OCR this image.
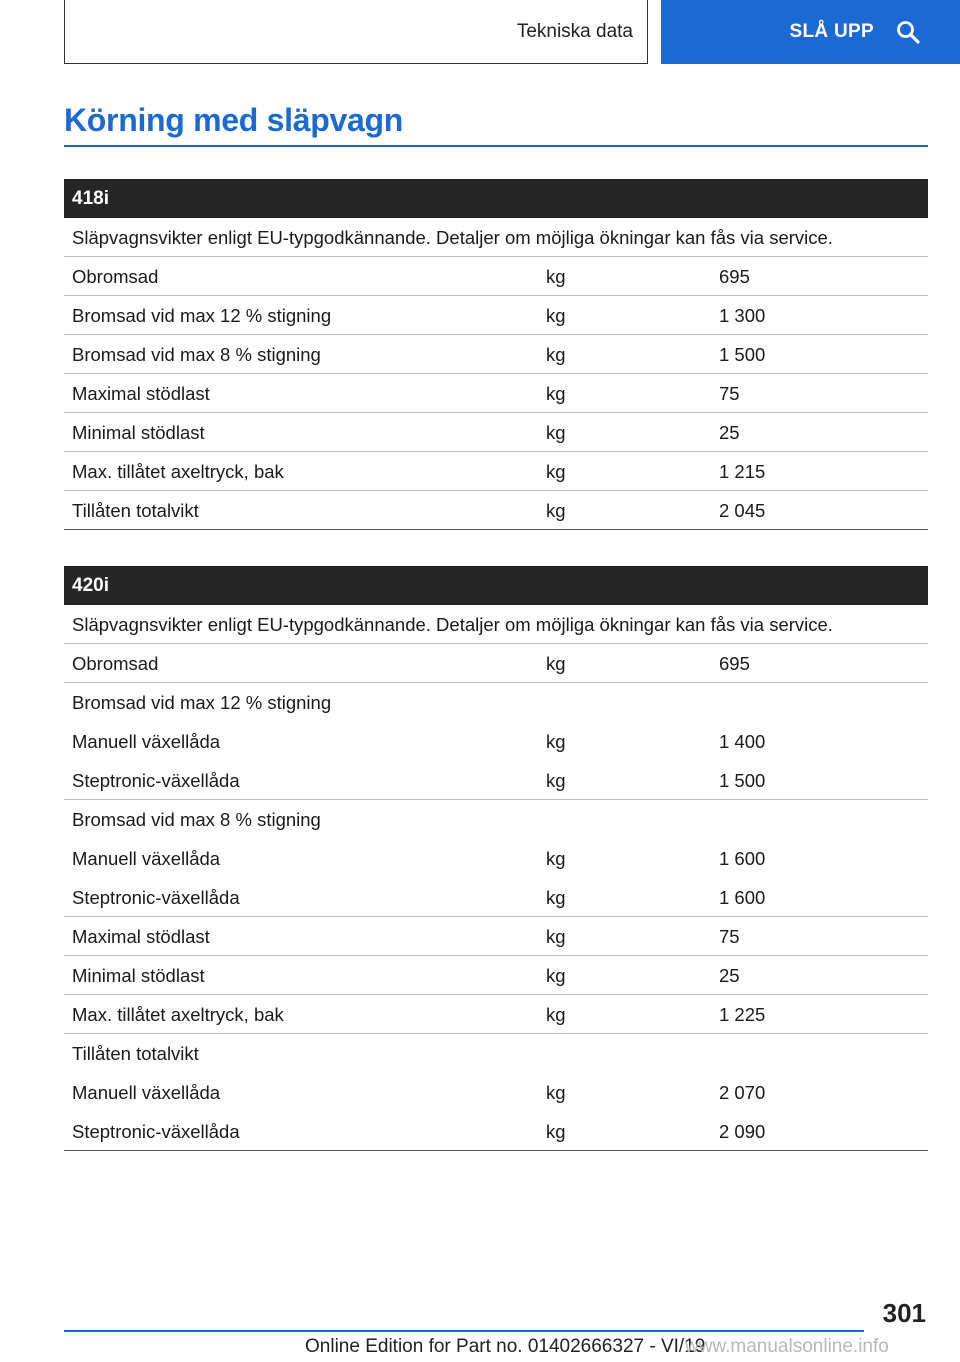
Tekniska data	SLÅ UPP
Körning med släpvagn
418i
Släpvagnsvikter enligt EU-typgodkännande. Detaljer om möjliga ökningar kan fås via service.
Obromsad	kg	695
Bromsad vid max 12 % stigning	kg	1 300
Bromsad vid max 8 % stigning	kg	1 500
Maximal stödlast	kg	75
Minimal stödlast	kg	25
Max. tillåtet axeltryck, bak	kg	1 215
Tillåten totalvikt	kg	2 045
420i
Släpvagnsvikter enligt EU-typgodkännande. Detaljer om möjliga ökningar kan fås via service.
Obromsad	kg	695
Bromsad vid max 12 % stigning
Manuell växellåda	kg	1 400
Steptronic-växellåda	kg	1 500
Bromsad vid max 8 % stigning
Manuell växellåda	kg	1 600
Steptronic-växellåda	kg	1 600
Maximal stödlast	kg	75
Minimal stödlast	kg	25
Max. tillåtet axeltryck, bak	kg	1 225
Tillåten totalvikt
Manuell växellåda	kg	2 070
Steptronic-växellåda	kg	2 090
301
Online Edition for Part no. 01402666327 - VI/19
www.manualsonline.info
